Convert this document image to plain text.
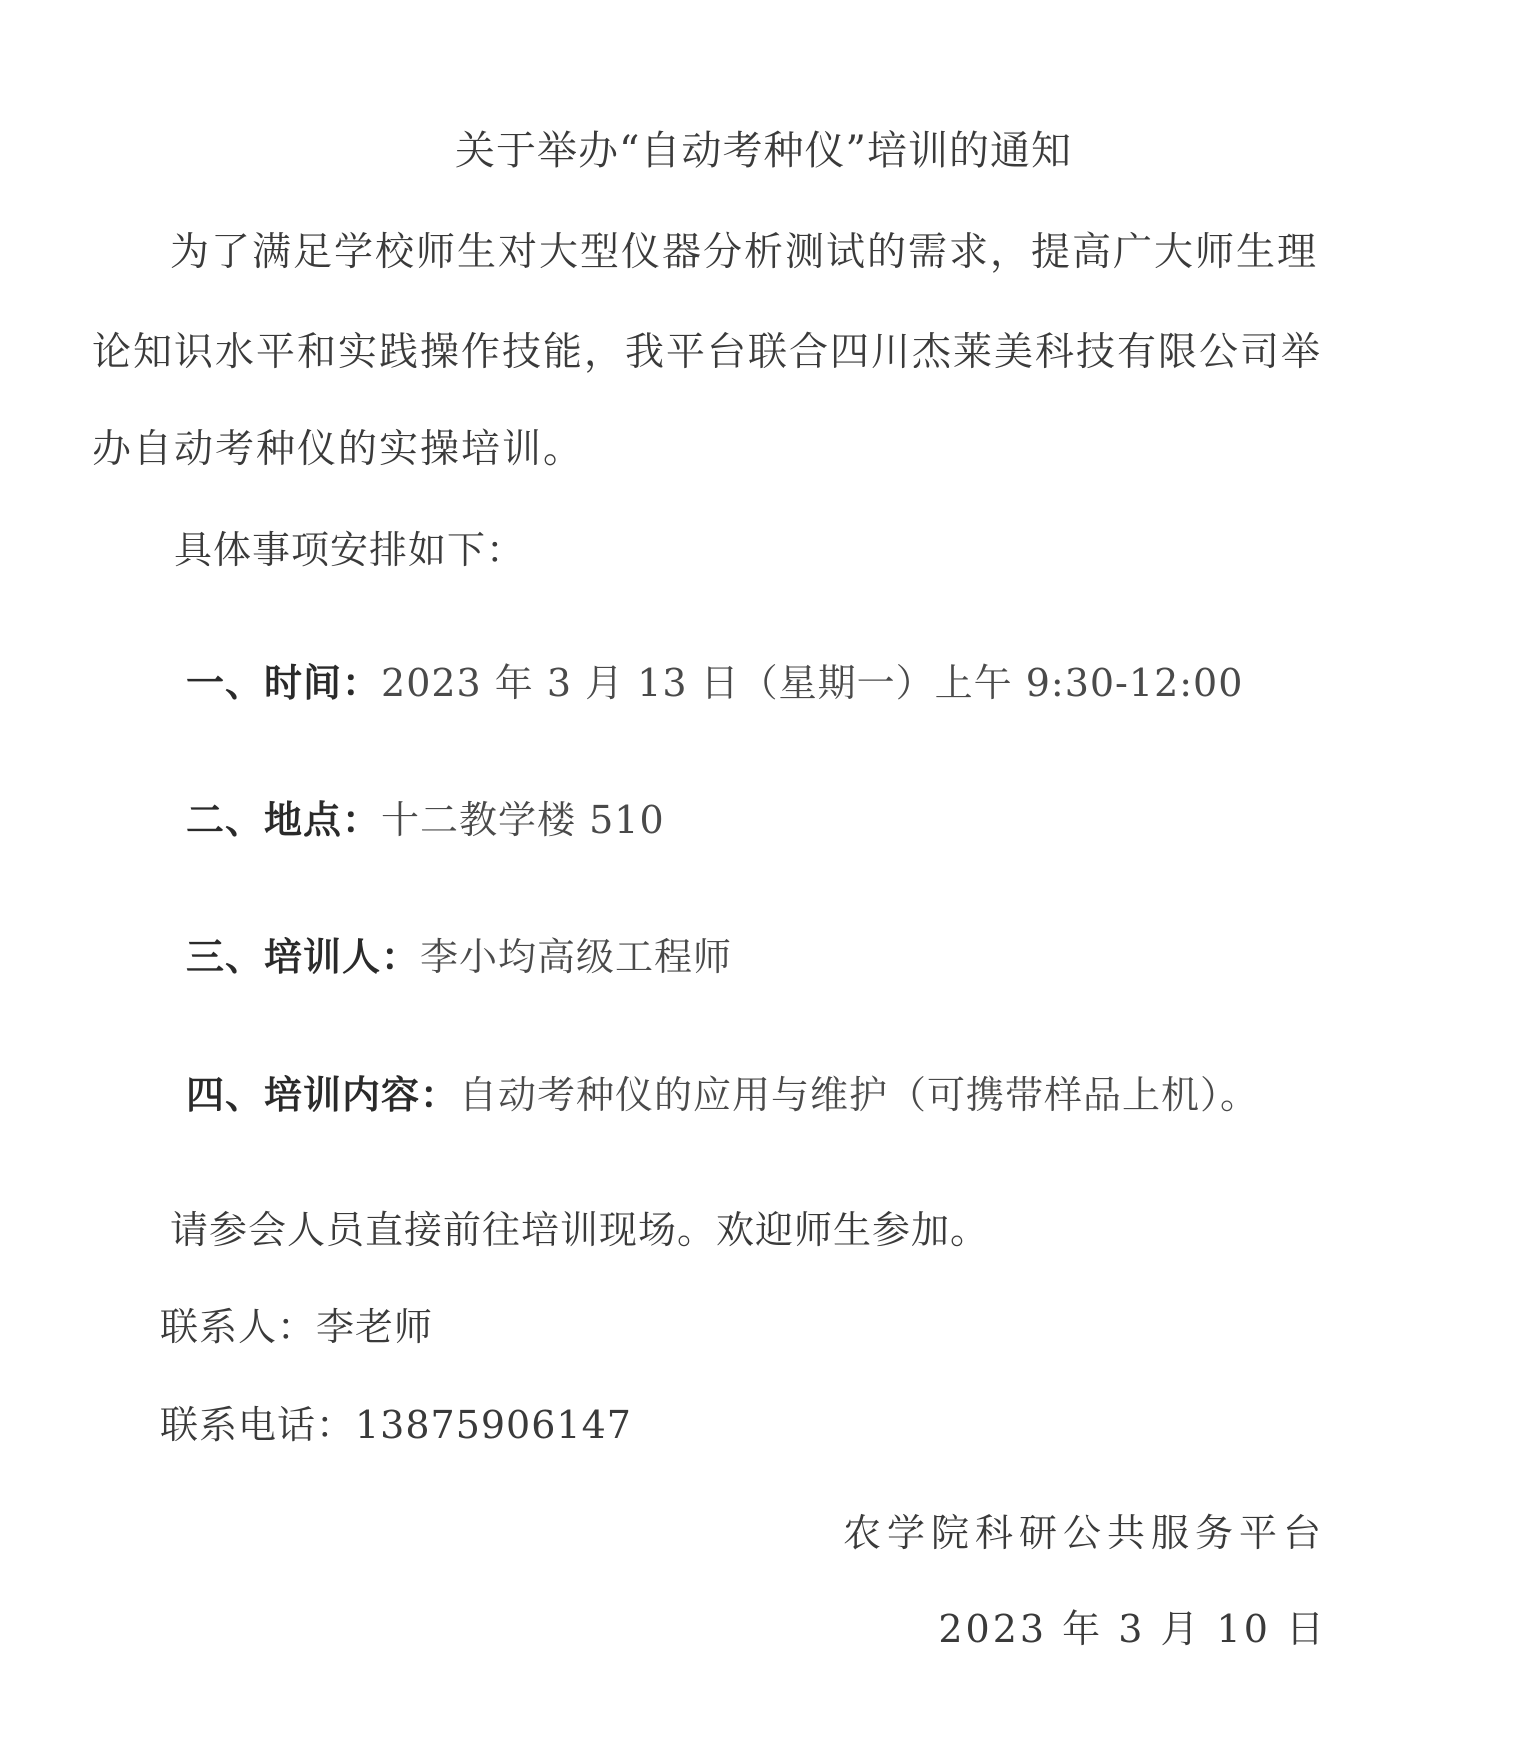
关于举办“自动考种仪”培训的通知
为了满足学校师生对大型仪器分析测试的需求，提高广大师生理
论知识水平和实践操作技能，我平台联合四川杰莱美科技有限公司举
办自动考种仪的实操培训。
具体事项安排如下：
一、时间：2023 年 3 月 13 日（星期一）上午 9:30-12:00
二、地点：十二教学楼 510
三、培训人：李小均高级工程师
四、培训内容：自动考种仪的应用与维护（可携带样品上机）。
请参会人员直接前往培训现场。欢迎师生参加。
联系人：李老师
联系电话：13875906147
农学院科研公共服务平台
2023 年 3 月 10 日
